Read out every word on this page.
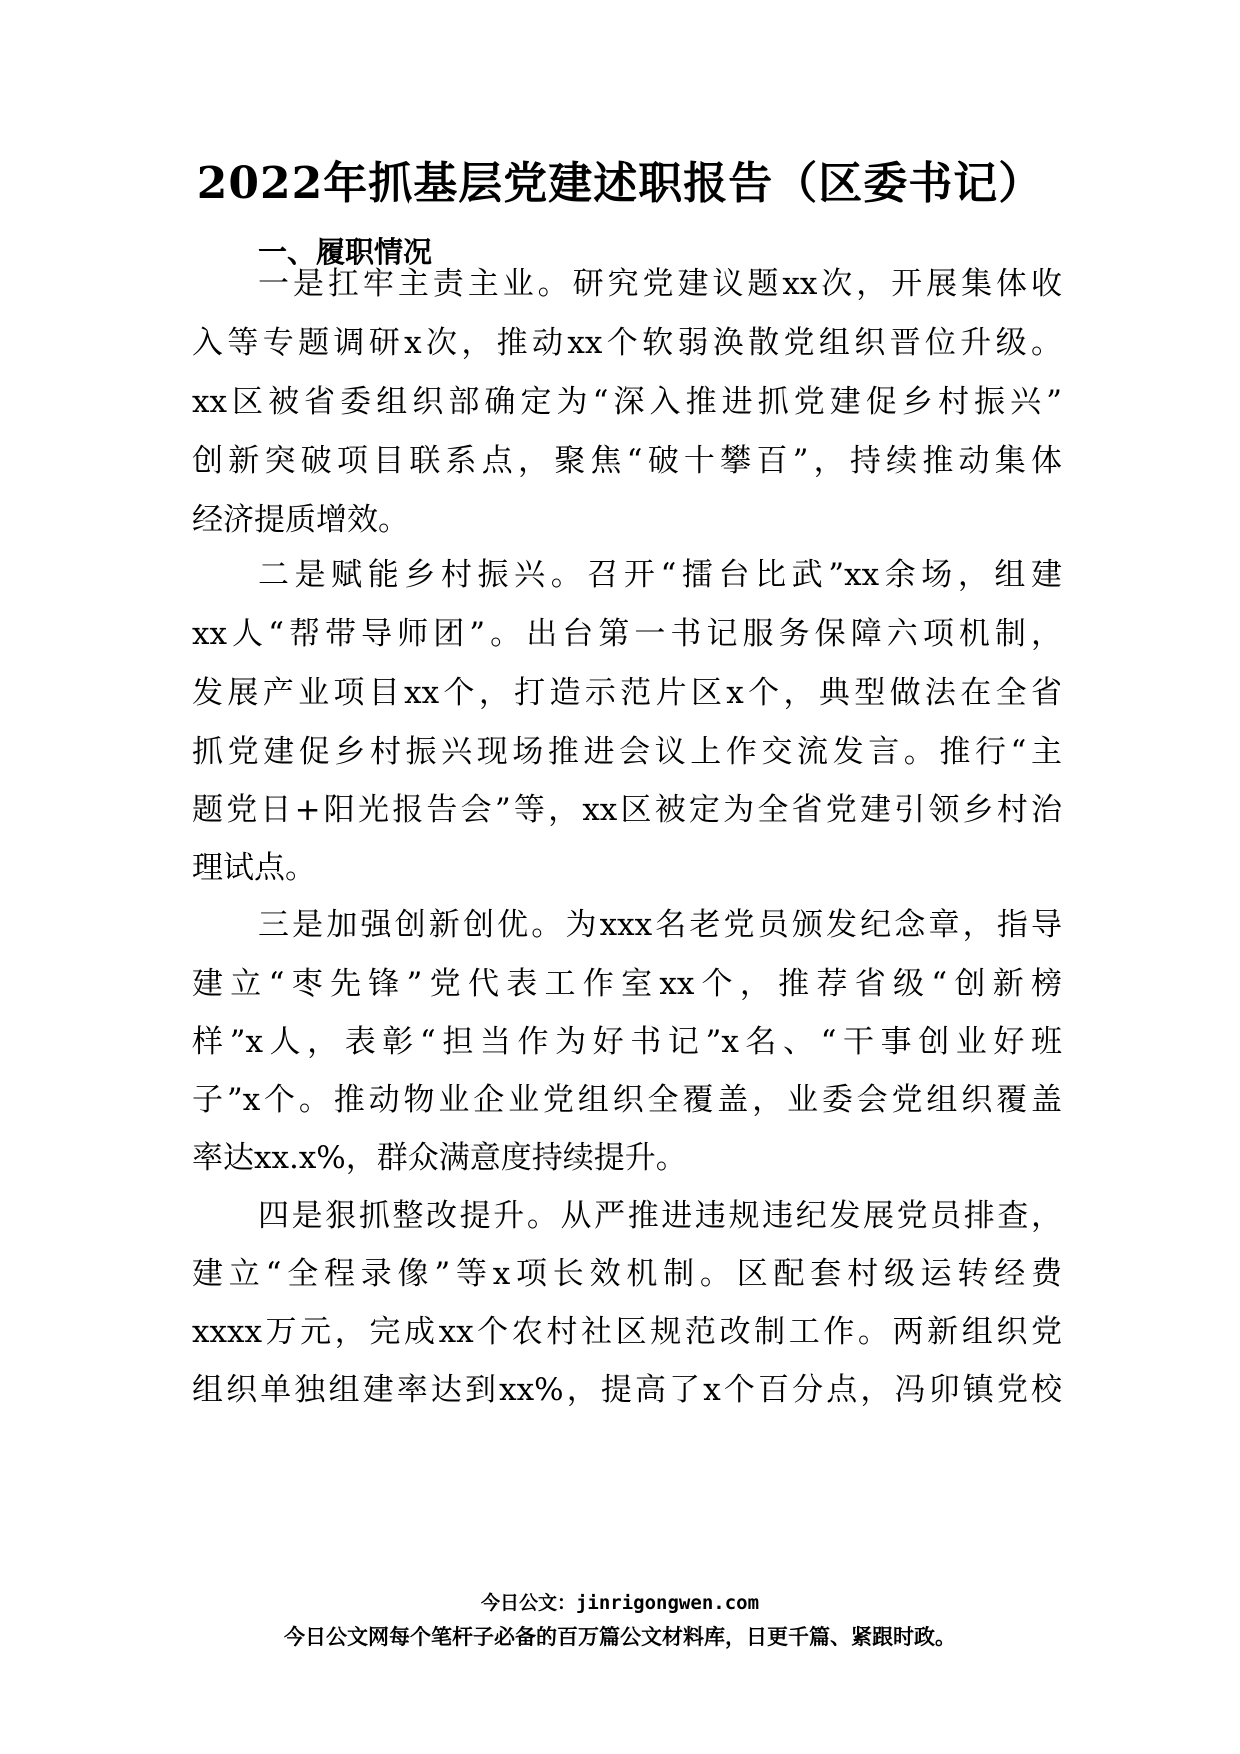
2022年抓基层党建述职报告（区委书记）
一、履职情况
一是扛牢主责主业。研究党建议题xx次，开展集体收
入等专题调研x次，推动xx个软弱涣散党组织晋位升级。
xx区被省委组织部确定为“深入推进抓党建促乡村振兴”
创新突破项目联系点，聚焦“破十攀百”，持续推动集体
经济提质增效。
二是赋能乡村振兴。召开“擂台比武”xx余场，组建
xx人“帮带导师团”。出台第一书记服务保障六项机制，
发展产业项目xx个，打造示范片区x个，典型做法在全省
抓党建促乡村振兴现场推进会议上作交流发言。推行“主
题党日+阳光报告会”等，xx区被定为全省党建引领乡村治
理试点。
三是加强创新创优。为xxx名老党员颁发纪念章，指导
建立“枣先锋”党代表工作室xx个，推荐省级“创新榜
样”x人，表彰“担当作为好书记”x名、“干事创业好班
子”x个。推动物业企业党组织全覆盖，业委会党组织覆盖
率达xx.x%，群众满意度持续提升。
四是狠抓整改提升。从严推进违规违纪发展党员排查，
建立“全程录像”等x项长效机制。区配套村级运转经费
xxxx万元，完成xx个农村社区规范改制工作。两新组织党
组织单独组建率达到xx%，提高了x个百分点，冯卯镇党校
今日公文：jinrigongwen.com
今日公文网每个笔杆子必备的百万篇公文材料库，日更千篇、紧跟时政。
